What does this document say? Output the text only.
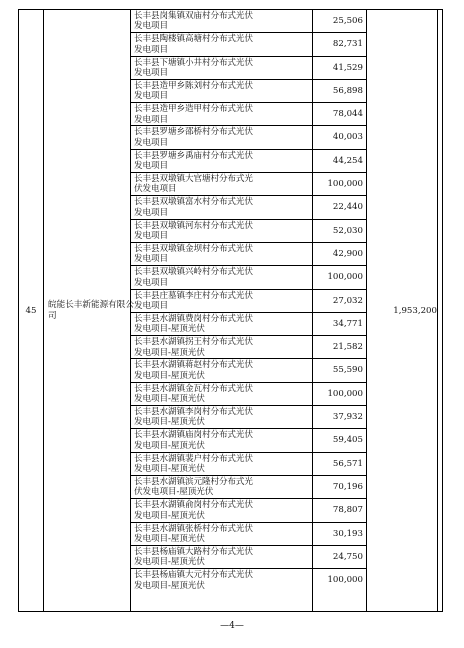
45
皖能长丰新能源有限公司
长丰县岗集镇双庙村分布式光伏发电项目
25,506
长丰县陶楼镇高塘村分布式光伏发电项目
82,731
长丰县下塘镇小井村分布式光伏发电项目
41,529
长丰县造甲乡陈刘村分布式光伏发电项目
56,898
长丰县造甲乡造甲村分布式光伏发电项目
78,044
长丰县罗塘乡邵桥村分布式光伏发电项目
40,003
长丰县罗塘乡禹庙村分布式光伏发电项目
44,254
长丰县双墩镇大官塘村分布式光伏发电项目
100,000
长丰县双墩镇富水村分布式光伏发电项目
22,440
长丰县双墩镇河东村分布式光伏发电项目
52,030
长丰县双墩镇金坝村分布式光伏发电项目
42,900
长丰县双墩镇兴岭村分布式光伏发电项目
100,000
长丰县庄墓镇李庄村分布式光伏发电项目
27,032
长丰县水湖镇费岗村分布式光伏发电项目-屋顶光伏
34,771
长丰县水湖镇拐王村分布式光伏发电项目-屋顶光伏
21,582
长丰县水湖镇蒋赵村分布式光伏发电项目-屋顶光伏
55,590
长丰县水湖镇金瓦村分布式光伏发电项目-屋顶光伏
100,000
长丰县水湖镇李岗村分布式光伏发电项目-屋顶光伏
37,932
长丰县水湖镇庙岗村分布式光伏发电项目-屋顶光伏
59,405
长丰县水湖镇裴户村分布式光伏发电项目-屋顶光伏
56,571
长丰县水湖镇滨元隆村分布式光伏发电项目-屋顶光伏
70,196
长丰县水湖镇俞岗村分布式光伏发电项目-屋顶光伏
78,807
长丰县水湖镇张桥村分布式光伏发电项目-屋顶光伏
30,193
长丰县杨庙镇大路村分布式光伏发电项目-屋顶光伏
24,750
长丰县杨庙镇大元村分布式光伏发电项目-屋顶光伏
100,000
1,953,200
—4—
